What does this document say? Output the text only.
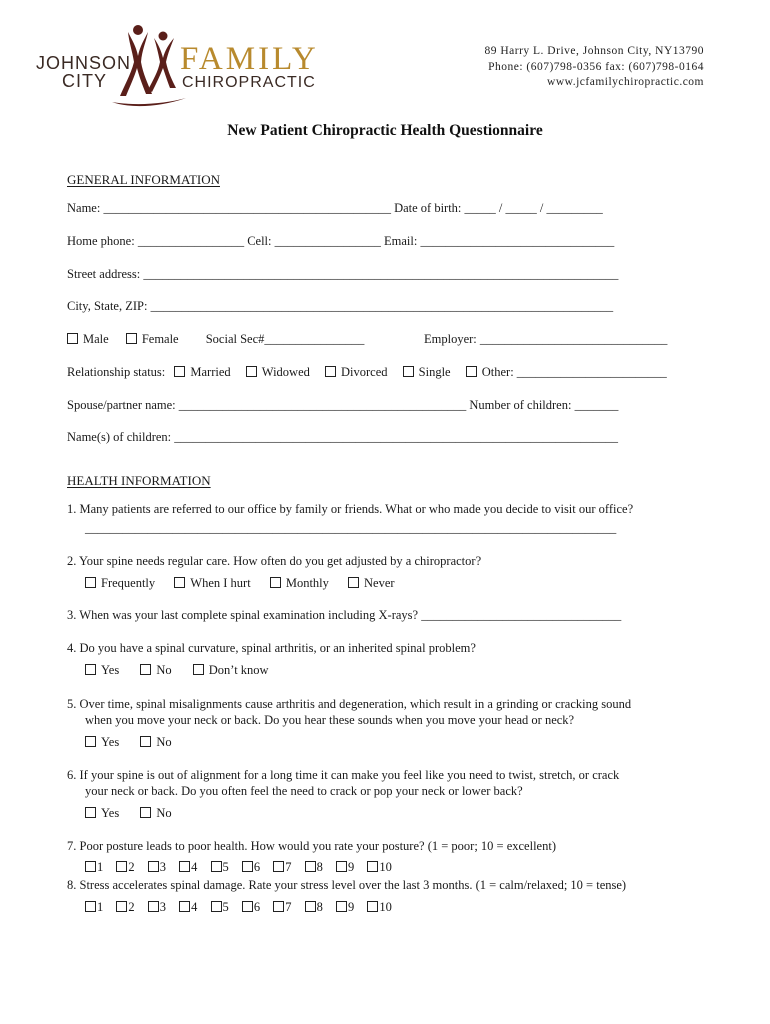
JOHNSON
CITY
FAMILY
CHIROPRACTIC
89 Harry L. Drive, Johnson City, NY13790
Phone: (607)798-0356 fax: (607)798-0164
www.jcfamilychiropractic.com
New Patient Chiropractic Health Questionnaire
GENERAL INFORMATION
Name: ______________________________________________ Date of birth: _____ / _____ / _________
Home phone: _________________ Cell: _________________ Email: _______________________________
Street address: ____________________________________________________________________________
City, State, ZIP: __________________________________________________________________________
Male	Female Social Sec#________________	Employer: ______________________________
Relationship status: Married Widowed Divorced Single Other: ________________________
Spouse/partner name: ______________________________________________ Number of children: _______
Name(s) of children: _______________________________________________________________________
HEALTH INFORMATION
1. Many patients are referred to our office by family or friends. What or who made you decide to visit our office?
_____________________________________________________________________________________
2. Your spine needs regular care. How often do you get adjusted by a chiropractor?
Frequently	When I hurt	Monthly	Never
3. When was your last complete spinal examination including X-rays? ________________________________
4. Do you have a spinal curvature, spinal arthritis, or an inherited spinal problem?
Yes	No	Don’t know
5. Over time, spinal misalignments cause arthritis and degeneration, which result in a grinding or cracking sound
when you move your neck or back. Do you hear these sounds when you move your head or neck?
Yes	No
6. If your spine is out of alignment for a long time it can make you feel like you need to twist, stretch, or crack
your neck or back. Do you often feel the need to crack or pop your neck or lower back?
Yes	No
7. Poor posture leads to poor health. How would you rate your posture? (1 = poor; 10 = excellent)
1 2 3 4 5 6 7 8 9 10
8. Stress accelerates spinal damage. Rate your stress level over the last 3 months. (1 = calm/relaxed; 10 = tense)
1 2 3 4 5 6 7 8 9 10
